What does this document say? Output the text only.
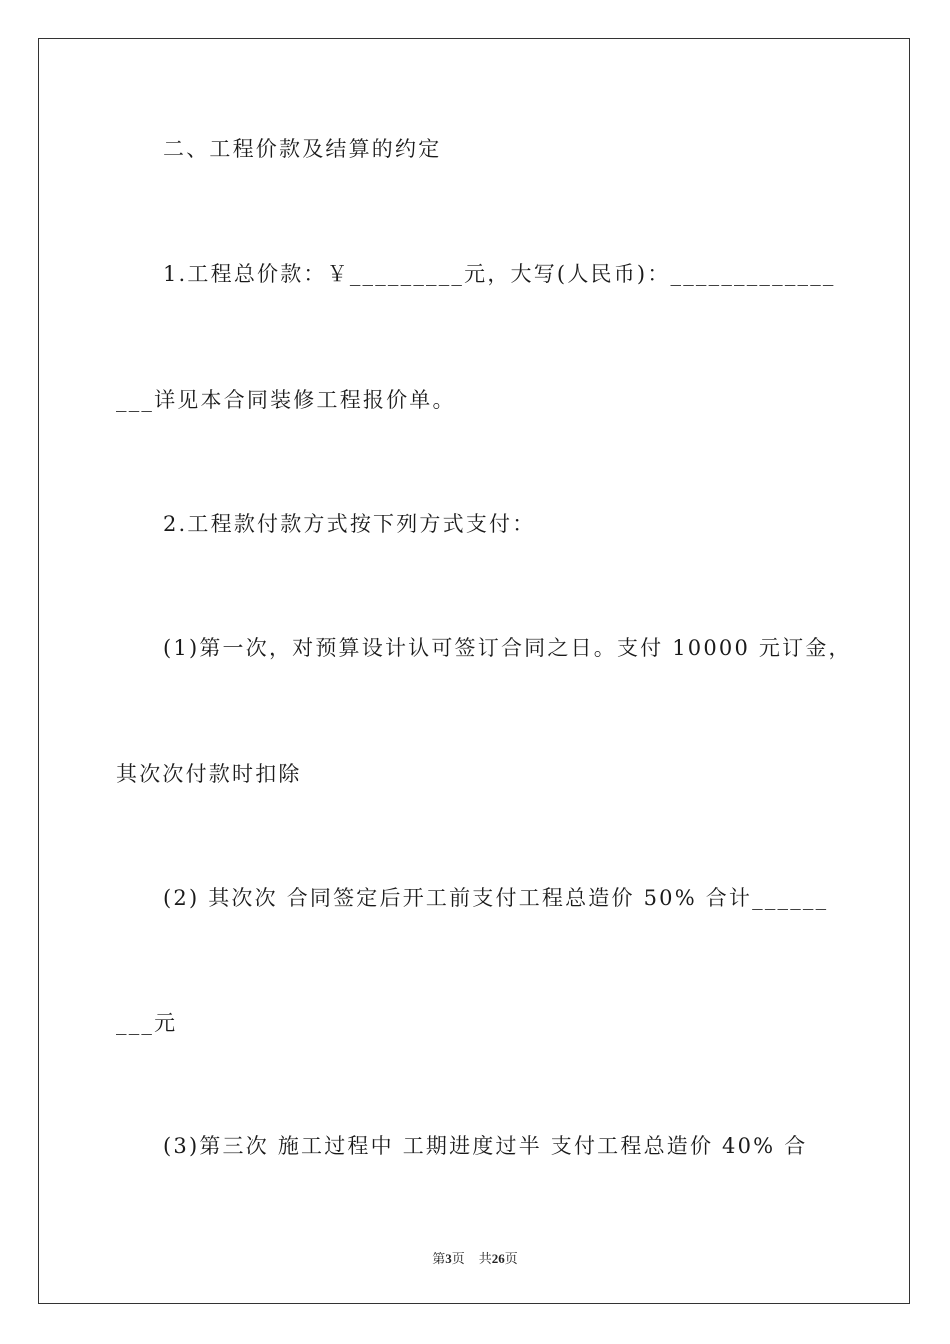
二、工程价款及结算的约定
1.工程总价款：￥_________元，大写(人民币)：_____________
___详见本合同装修工程报价单。
2.工程款付款方式按下列方式支付：
(1)第一次，对预算设计认可签订合同之日。支付 10000 元订金，
其次次付款时扣除
(2) 其次次 合同签定后开工前支付工程总造价 50% 合计______
___元
(3)第三次 施工过程中 工期进度过半 支付工程总造价 40% 合
第3页 共26页
